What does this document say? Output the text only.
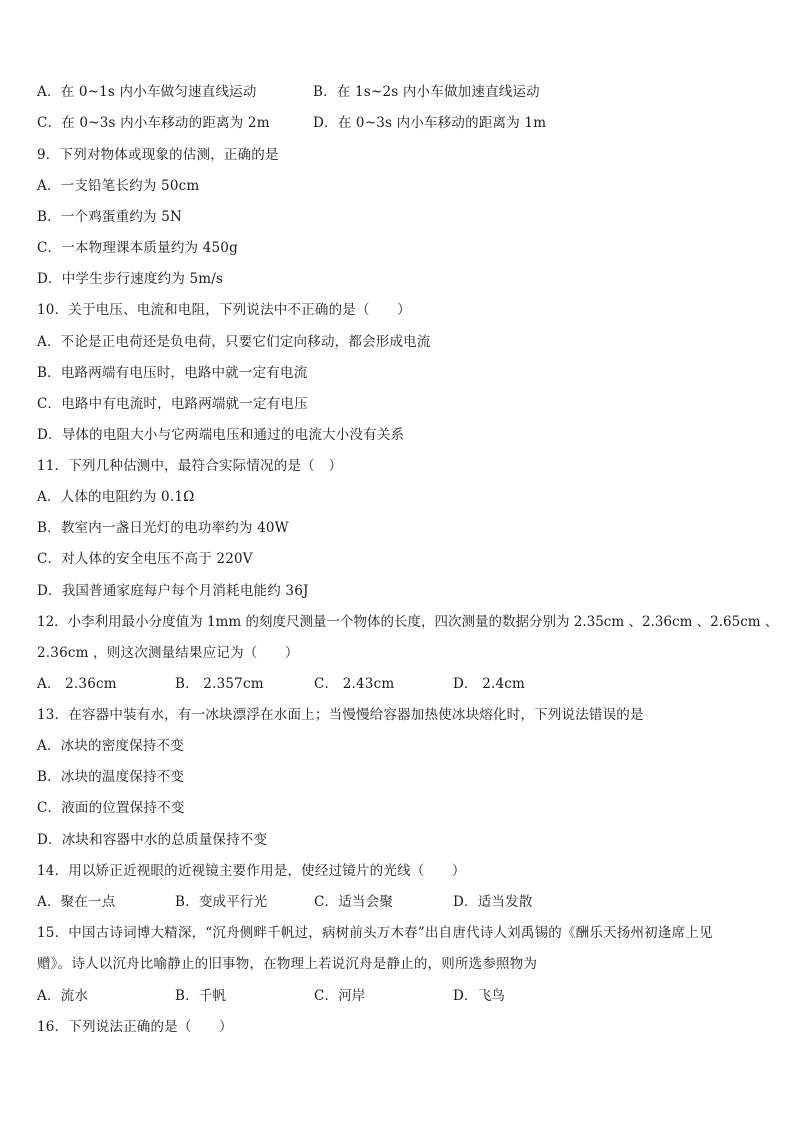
A．在 0~1s 内小车做匀速直线运动	B．在 1s~2s 内小车做加速直线运动
C．在 0~3s 内小车移动的距离为 2m	D．在 0~3s 内小车移动的距离为 1m
9．下列对物体或现象的估测，正确的是
A．一支铅笔长约为 50cm
B．一个鸡蛋重约为 5N
C．一本物理课本质量约为 450g
D．中学生步行速度约为 5m/s
10．关于电压、电流和电阻，下列说法中不正确的是（　　）
A．不论是正电荷还是负电荷，只要它们定向移动，都会形成电流
B．电路两端有电压时，电路中就一定有电流
C．电路中有电流时，电路两端就一定有电压
D．导体的电阻大小与它两端电压和通过的电流大小没有关系
11．下列几种估测中，最符合实际情况的是（　）
A．人体的电阻约为 0.1Ω
B．教室内一盏日光灯的电功率约为 40W
C．对人体的安全电压不高于 220V
D．我国普通家庭每户每个月消耗电能约 36J
12．小李利用最小分度值为 1mm 的刻度尺测量一个物体的长度，四次测量的数据分别为 2.35cm 、2.36cm 、2.65cm 、
2.36cm ，则这次测量结果应记为（　　）
A． 2.36cm	B． 2.357cm	C． 2.43cm	D． 2.4cm
13．在容器中装有水，有一冰块漂浮在水面上；当慢慢给容器加热使冰块熔化时，下列说法错误的是
A．冰块的密度保持不变
B．冰块的温度保持不变
C．液面的位置保持不变
D．冰块和容器中水的总质量保持不变
14．用以矫正近视眼的近视镜主要作用是，使经过镜片的光线（　　）
A．聚在一点	B．变成平行光	C．适当会聚	D．适当发散
15．中国古诗词博大精深，“沉舟侧畔千帆过，病树前头万木春”出自唐代诗人刘禹锡的《酬乐天扬州初逢席上见
赠》。诗人以沉舟比喻静止的旧事物，在物理上若说沉舟是静止的，则所选参照物为
A．流水	B．千帆	C．河岸	D．飞鸟
16．下列说法正确的是（　　）
